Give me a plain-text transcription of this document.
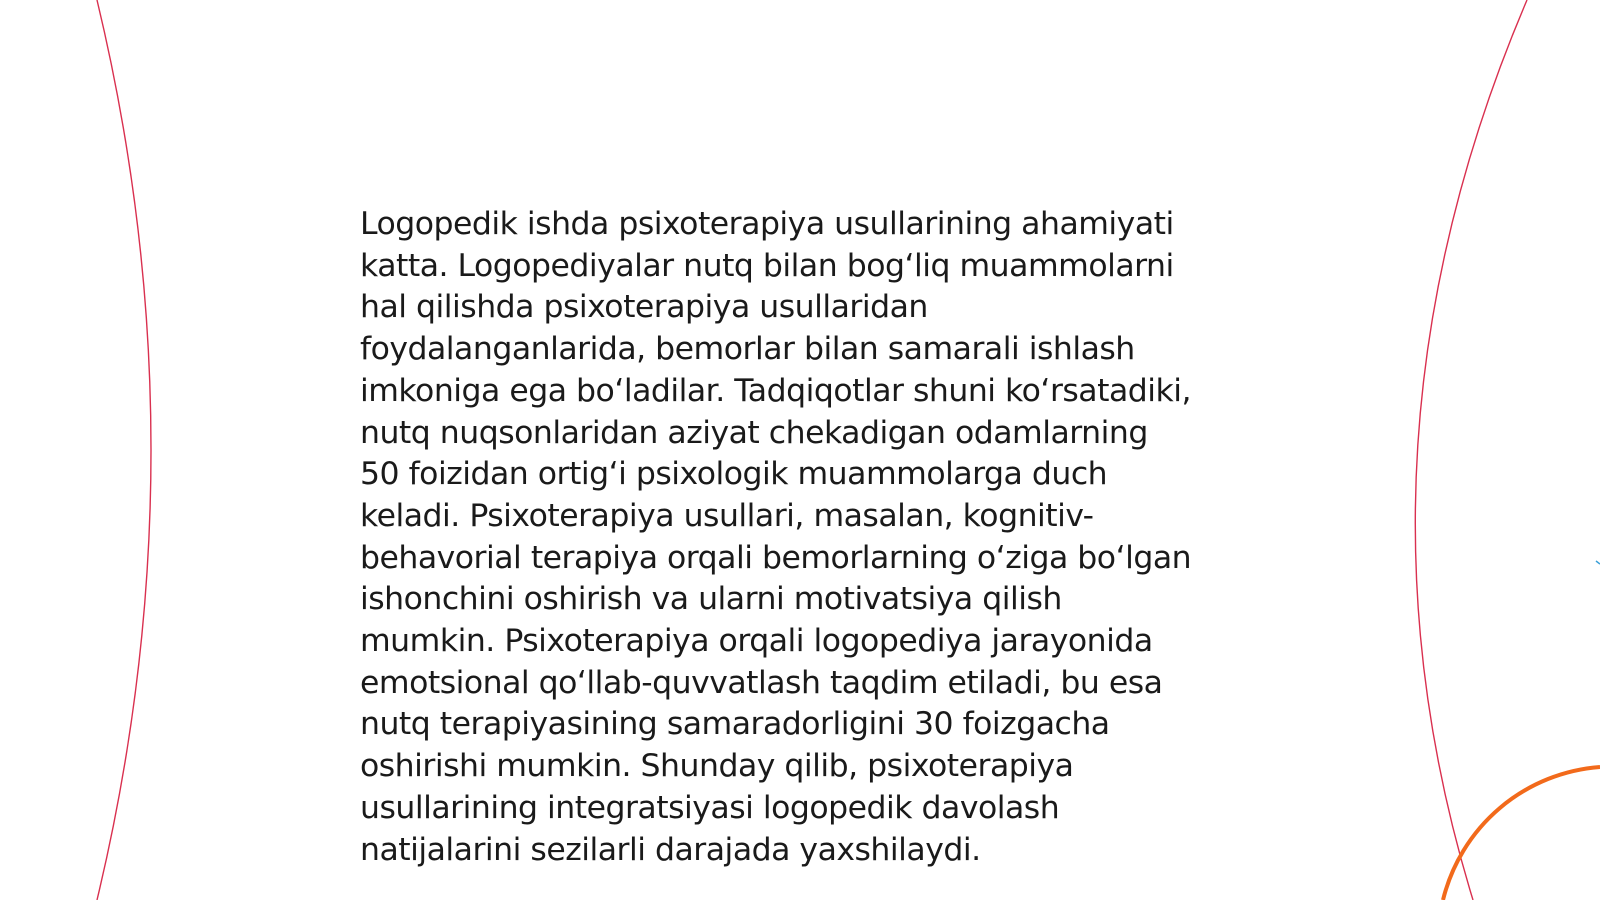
Logopedik ishda psixoterapiya usullarining ahamiyati
katta. Logopediyalar nutq bilan bog‘liq muammolarni
hal qilishda psixoterapiya usullaridan
foydalanganlarida, bemorlar bilan samarali ishlash
imkoniga ega bo‘ladilar. Tadqiqotlar shuni ko‘rsatadiki,
nutq nuqsonlaridan aziyat chekadigan odamlarning
50 foizidan ortig‘i psixologik muammolarga duch
keladi. Psixoterapiya usullari, masalan, kognitiv-
behavorial terapiya orqali bemorlarning o‘ziga bo‘lgan
ishonchini oshirish va ularni motivatsiya qilish
mumkin. Psixoterapiya orqali logopediya jarayonida
emotsional qo‘llab-quvvatlash taqdim etiladi, bu esa
nutq terapiyasining samaradorligini 30 foizgacha
oshirishi mumkin. Shunday qilib, psixoterapiya
usullarining integratsiyasi logopedik davolash
natijalarini sezilarli darajada yaxshilaydi.
